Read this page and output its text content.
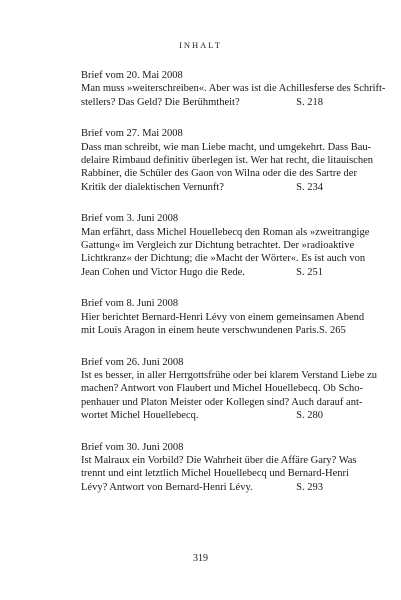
INHALT
Brief vom 20. Mai 2008
Man muss »weiterschreiben«. Aber was ist die Achillesferse des Schrift-
stellers? Das Geld? Die Berühmtheit?	S. 218
Brief vom 27. Mai 2008
Dass man schreibt, wie man Liebe macht, und umgekehrt. Dass Bau-
delaire Rimbaud definitiv überlegen ist. Wer hat recht, die litauischen
Rabbiner, die Schüler des Gaon von Wilna oder die des Sartre der
Kritik der dialektischen Vernunft?	S. 234
Brief vom 3. Juni 2008
Man erfährt, dass Michel Houellebecq den Roman als »zweitrangige
Gattung« im Vergleich zur Dichtung betrachtet. Der »radioaktive
Lichtkranz« der Dichtung; die »Macht der Wörter«. Es ist auch von
Jean Cohen und Victor Hugo die Rede.	S. 251
Brief vom 8. Juni 2008
Hier berichtet Bernard-Henri Lévy von einem gemeinsamen Abend
mit Louis Aragon in einem heute verschwundenen Paris. S. 265
Brief vom 26. Juni 2008
Ist es besser, in aller Herrgottsfrühe oder bei klarem Verstand Liebe zu
machen? Antwort von Flaubert und Michel Houellebecq. Ob Scho-
penhauer und Platon Meister oder Kollegen sind? Auch darauf ant-
wortet Michel Houellebecq.	S. 280
Brief vom 30. Juni 2008
Ist Malraux ein Vorbild? Die Wahrheit über die Affäre Gary? Was
trennt und eint letztlich Michel Houellebecq und Bernard-Henri
Lévy? Antwort von Bernard-Henri Lévy.	S. 293
319
